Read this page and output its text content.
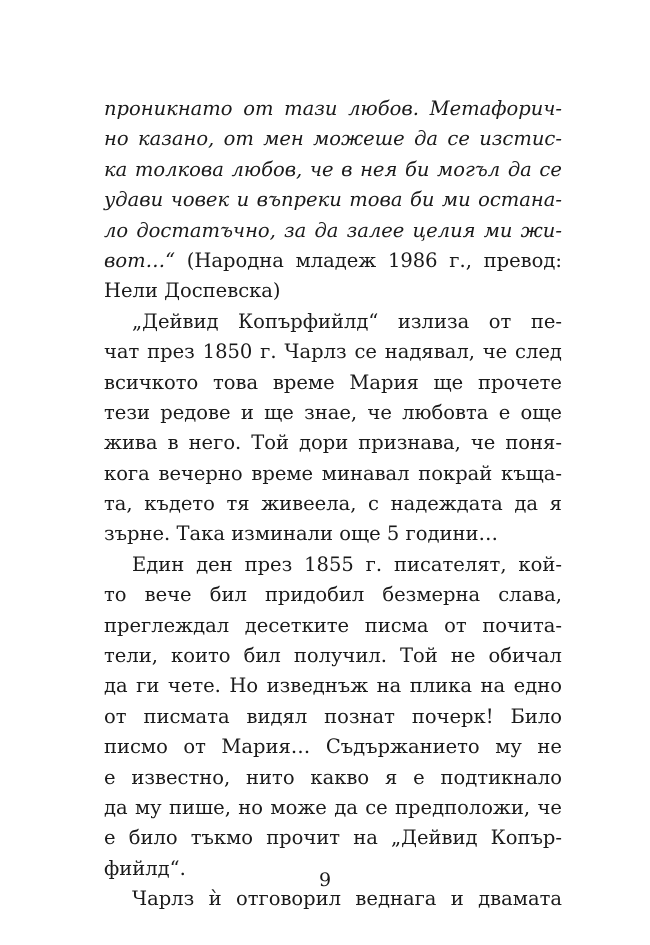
проникнато от тази любов. Метафорич-
но казано, от мен можеше да се изстис-
ка толкова любов, че в нея би могъл да се
удави човек и въпреки това би ми остана-
ло достатъчно, за да залее целия ми жи-
вот…“ (Народна младеж 1986 г., превод:
Нели Доспевска)
„Дейвид Копърфийлд“ излиза от пе-
чат през 1850 г. Чарлз се надявал, че след
всичкото това време Мария ще прочете
тези редове и ще знае, че любовта е още
жива в него. Той дори признава, че поня-
кога вечерно време минавал покрай къща-
та, където тя живеела, с надеждата да я
зърне. Така изминали още 5 години…
Един ден през 1855 г. писателят, кой-
то вече бил придобил безмерна слава,
преглеждал десетките писма от почита-
тели, които бил получил. Той не обичал
да ги чете. Но изведнъж на плика на едно
от писмата видял познат почерк! Било
писмо от Мария… Съдържанието му не
е известно, нито какво я е подтикнало
да му пише, но може да се предположи, че
е било тъкмо прочит на „Дейвид Копър-
фийлд“.
Чарлз ѝ отговорил веднага и двамата
9
